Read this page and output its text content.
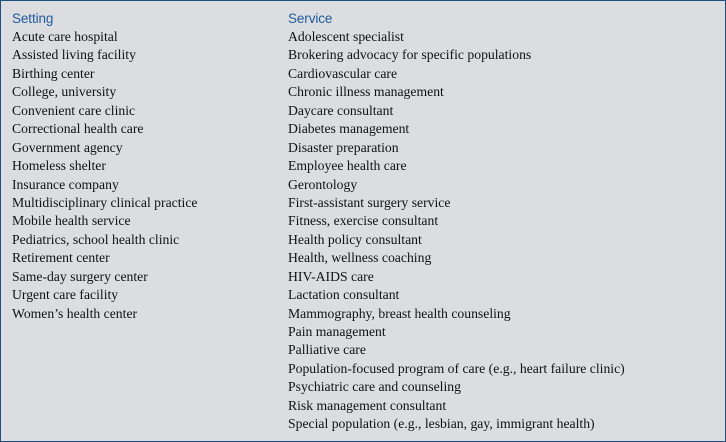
Setting
Acute care hospital
Assisted living facility
Birthing center
College, university
Convenient care clinic
Correctional health care
Government agency
Homeless shelter
Insurance company
Multidisciplinary clinical practice
Mobile health service
Pediatrics, school health clinic
Retirement center
Same-day surgery center
Urgent care facility
Women’s health center
Service
Adolescent specialist
Brokering advocacy for specific populations
Cardiovascular care
Chronic illness management
Daycare consultant
Diabetes management
Disaster preparation
Employee health care
Gerontology
First-assistant surgery service
Fitness, exercise consultant
Health policy consultant
Health, wellness coaching
HIV-AIDS care
Lactation consultant
Mammography, breast health counseling
Pain management
Palliative care
Population-focused program of care (e.g., heart failure clinic)
Psychiatric care and counseling
Risk management consultant
Special population (e.g., lesbian, gay, immigrant health)
